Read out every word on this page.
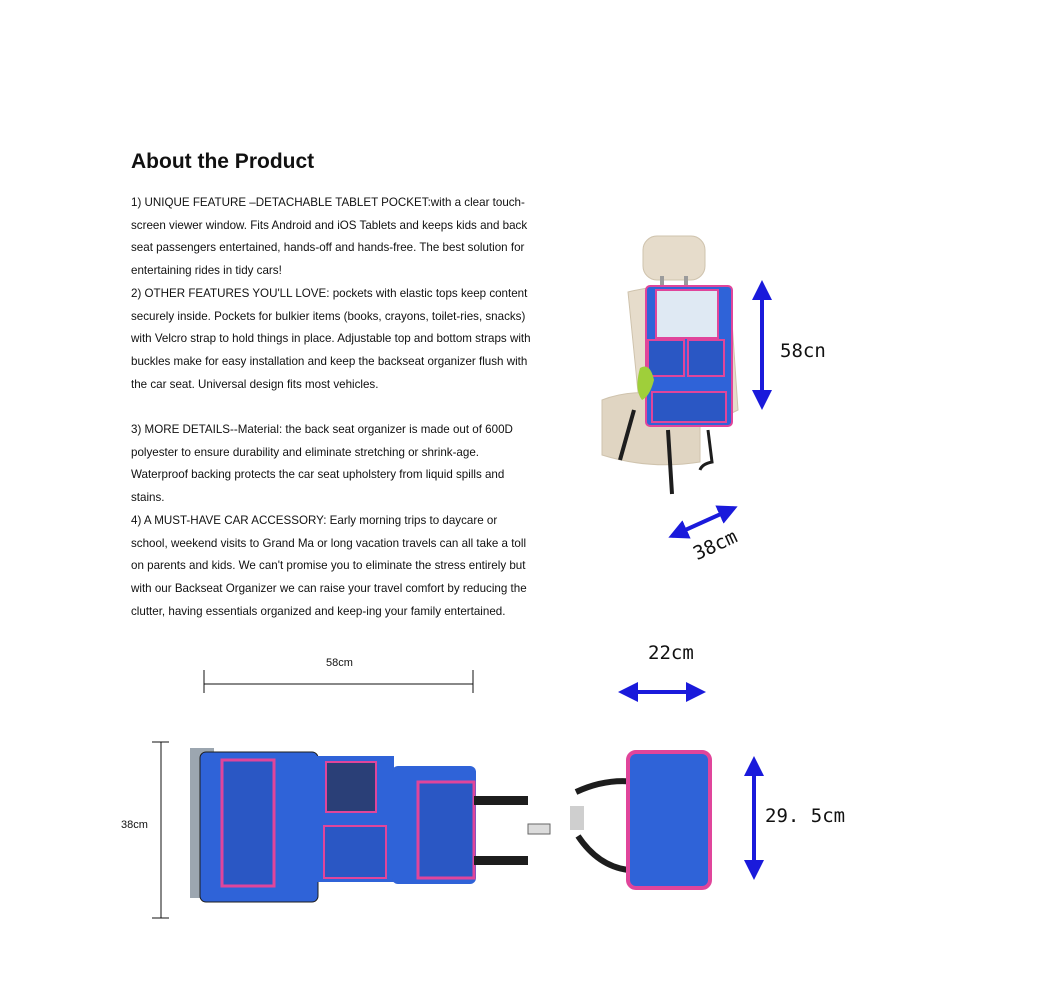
About the Product
1) UNIQUE FEATURE –DETACHABLE TABLET POCKET:with a clear touch-screen viewer window. Fits Android and iOS Tablets and keeps kids and back seat passengers entertained, hands-off and hands-free. The best solution for entertaining rides in tidy cars!
2) OTHER FEATURES YOU'LL LOVE: pockets with elastic tops keep content securely inside. Pockets for bulkier items (books, crayons, toilet-ries, snacks) with Velcro strap to hold things in place. Adjustable top and bottom straps with buckles make for easy installation and keep the backseat organizer flush with the car seat. Universal design fits most vehicles.
3) MORE DETAILS--Material: the back seat organizer is made out of 600D polyester to ensure durability and eliminate stretching or shrink-age. Waterproof backing protects the car seat upholstery from liquid spills and stains.
4) A MUST-HAVE CAR ACCESSORY: Early morning trips to daycare or school, weekend visits to Grand Ma or long vacation travels can all take a toll on parents and kids. We can't promise you to eliminate the stress entirely but with our Backseat Organizer we can raise your travel comfort by reducing the clutter, having essentials organized and keep-ing your family entertained.
58cn
38cm
22cm
58cm
38cm	29. 5cm
